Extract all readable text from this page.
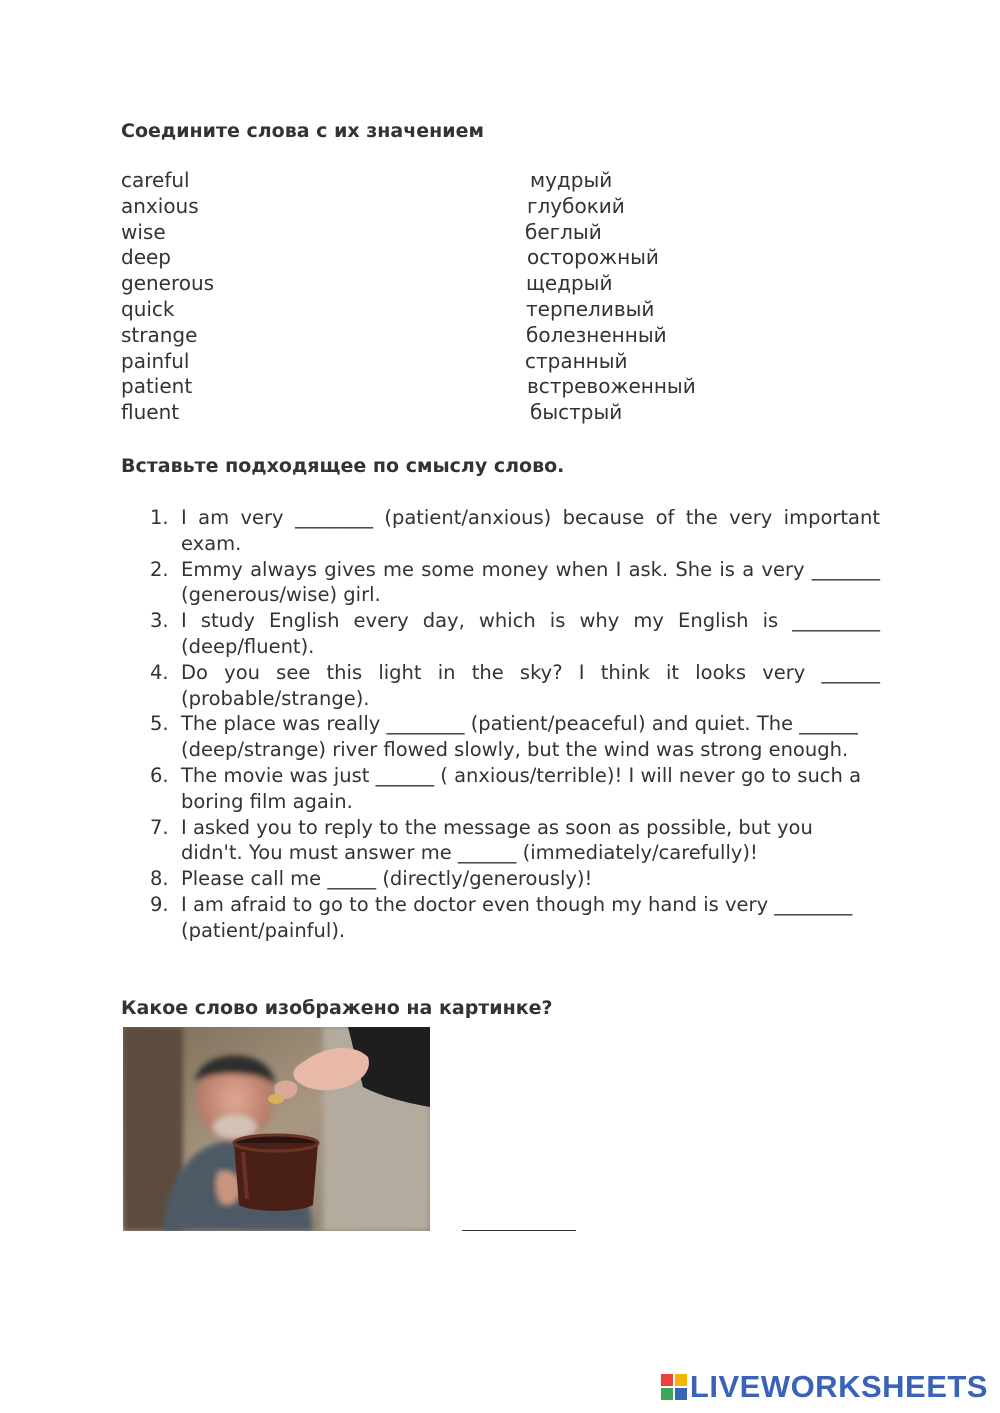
Соедините слова с их значением
careful
anxious
wise
deep
generous
quick
strange
painful
patient
fluent
мудрый
глубокий
беглый
осторожный
щедрый
терпеливый
болезненный
странный
встревоженный
быстрый
Вставьте подходящее по смыслу слово.
1. I am very ________ (patient/anxious) because of the very important exam.
2. Emmy always gives me some money when I ask. She is a very _______ (generous/wise) girl.
3. I study English every day, which is why my English is _________ (deep/fluent).
4. Do you see this light in the sky? I think it looks very ______ (probable/strange).
5. The place was really ________ (patient/peaceful) and quiet. The ______ (deep/strange) river flowed slowly, but the wind was strong enough.
6. The movie was just ______ ( anxious/terrible)! I will never go to such a boring film again.
7. I asked you to reply to the message as soon as possible, but you didn't. You must answer me ______ (immediately/carefully)!
8. Please call me _____ (directly/generously)!
9. I am afraid to go to the doctor even though my hand is very ________ (patient/painful).
Какое слово изображено на картинке?
LIVEWORKSHEETS
